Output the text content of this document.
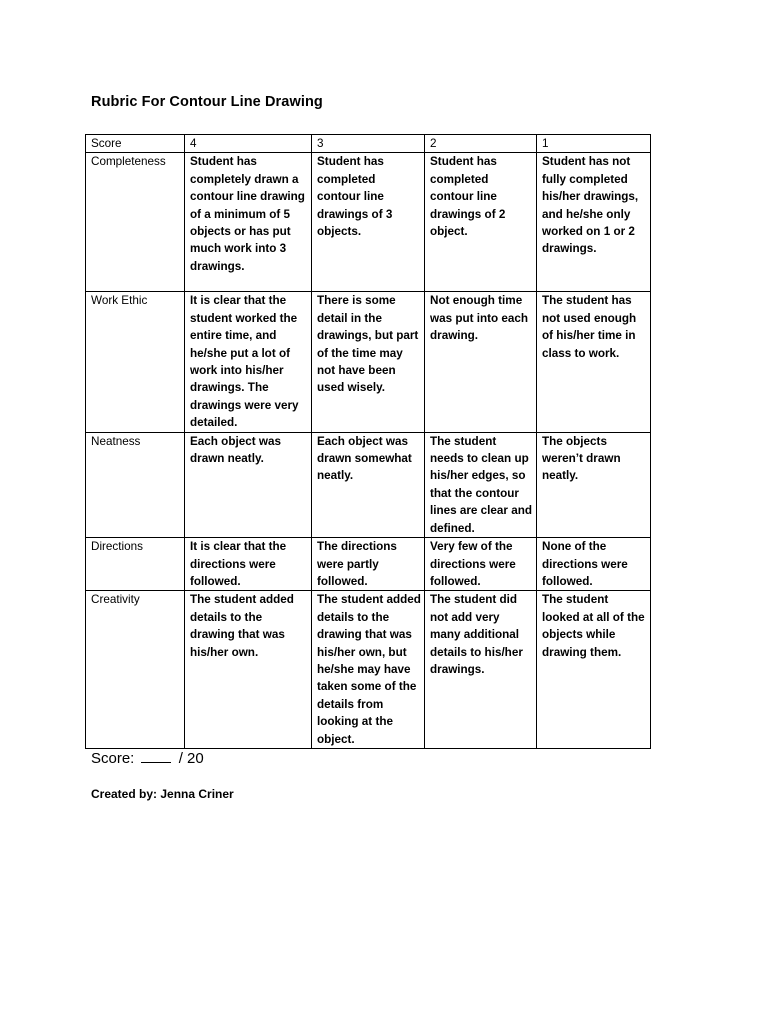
Rubric For Contour Line Drawing
Score	4	3	2	1
Completeness	Student has completely drawn a contour line drawing of a minimum of 5 objects or has put much work into 3 drawings.	Student has completed contour line drawings of 3 objects.	Student has completed contour line drawings of 2 object.	Student has not fully completed his/her drawings, and he/she only worked on 1 or 2 drawings.
Work Ethic	It is clear that the student worked the entire time, and he/she put a lot of work into his/her drawings. The drawings were very detailed.	There is some detail in the drawings, but part of the time may not have been used wisely.	Not enough time was put into each drawing.	The student has not used enough of his/her time in class to work.
Neatness	Each object was drawn neatly.	Each object was drawn somewhat neatly.	The student needs to clean up his/her edges, so that the contour lines are clear and defined.	The objects weren’t drawn neatly.
Directions	It is clear that the directions were followed.	The directions were partly followed.	Very few of the directions were followed.	None of the directions were followed.
Creativity	The student added details to the drawing that was his/her own.	The student added details to the drawing that was his/her own, but he/she may have taken some of the details from looking at the object.	The student did not add very many additional details to his/her drawings.	The student looked at all of the objects while drawing them.
Score:	/ 20
Created by: Jenna Criner
